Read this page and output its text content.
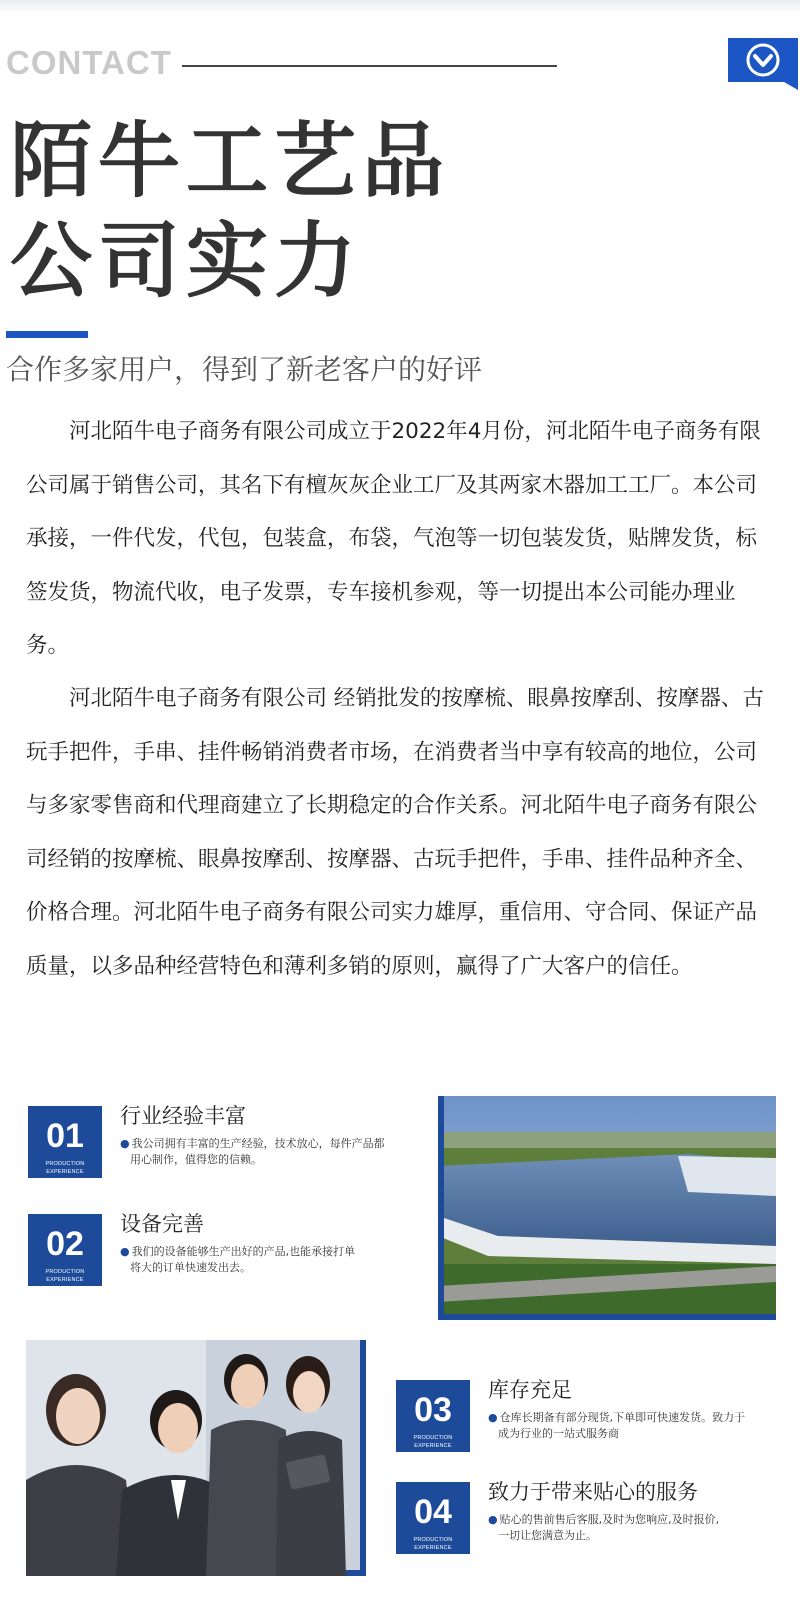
CONTACT
陌牛工艺品
公司实力
合作多家用户，得到了新老客户的好评

河北陌牛电子商务有限公司成立于2022年4月份，河北陌牛电子商务有限公司属于销售公司，其名下有檀灰灰企业工厂及其两家木器加工工厂。本公司承接，一件代发，代包，包装盒，布袋，气泡等一切包装发货，贴牌发货，标签发货，物流代收，电子发票，专车接机参观，等一切提出本公司能办理业务。

河北陌牛电子商务有限公司 经销批发的按摩梳、眼鼻按摩刮、按摩器、古玩手把件，手串、挂件畅销消费者市场，在消费者当中享有较高的地位，公司与多家零售商和代理商建立了长期稳定的合作关系。河北陌牛电子商务有限公司经销的按摩梳、眼鼻按摩刮、按摩器、古玩手把件，手串、挂件品种齐全、价格合理。河北陌牛电子商务有限公司实力雄厚，重信用、守合同、保证产品质量，以多品种经营特色和薄利多销的原则，赢得了广大客户的信任。

01
PRODUCTION EXPERIENCE
行业经验丰富
● 我公司拥有丰富的生产经验，技术放心，每件产品都
用心制作，值得您的信赖。
02
PRODUCTION EXPERIENCE
设备完善
● 我们的设备能够生产出好的产品,也能承接打单
将大的订单快速发出去。
03
PRODUCTION EXPERIENCE
库存充足
● 仓库长期备有部分现货,下单即可快速发货。致力于
成为行业的一站式服务商
04
PRODUCTION EXPERIENCE
致力于带来贴心的服务
● 贴心的售前售后客服,及时为您响应,及时报价,
一切让您满意为止。
